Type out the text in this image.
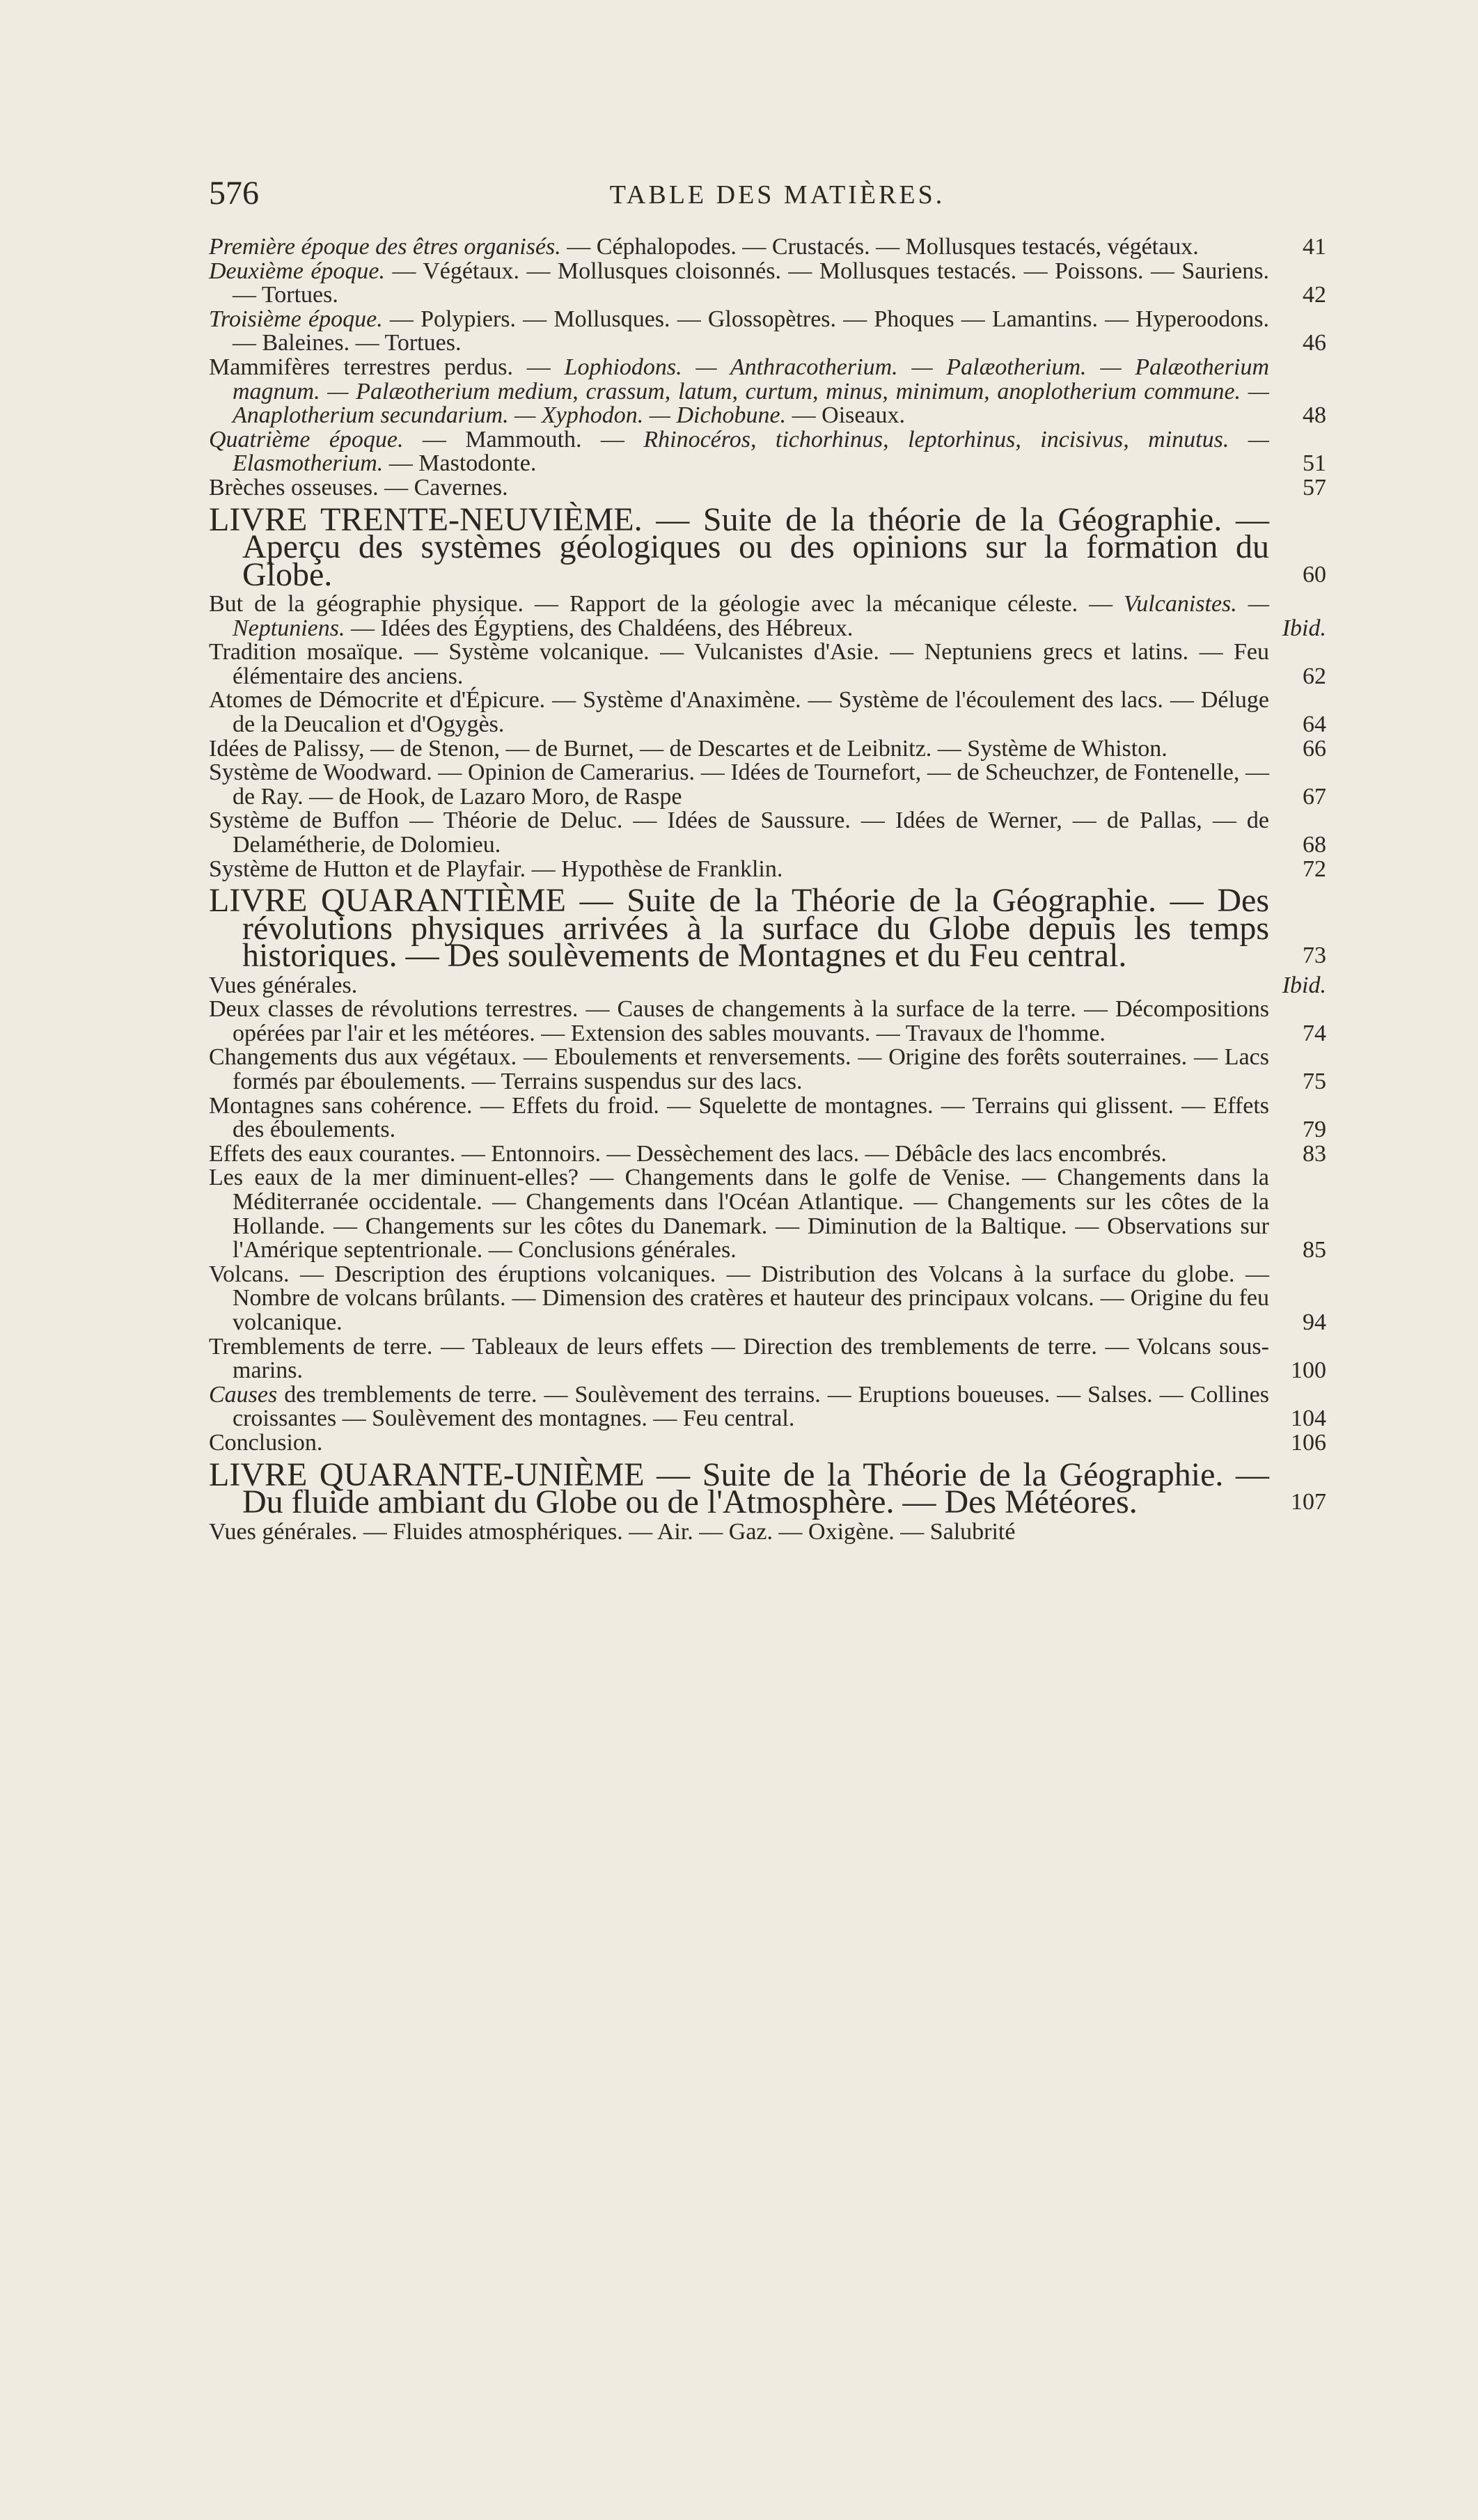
576	TABLE DES MATIÈRES.
Première époque des êtres organisés. — Céphalopodes. — Crustacés. — Mollusques testacés, végétaux.	41
Deuxième époque. — Végétaux. — Mollusques cloisonnés. — Mollusques testacés. — Poissons. — Sauriens. — Tortues.	42
Troisième époque. — Polypiers. — Mollusques. — Glossopètres. — Phoques — Lamantins. — Hyperoodons. — Baleines. — Tortues.	46
Mammifères terrestres perdus. — Lophiodons. — Anthracotherium. — Palæotherium. — Palæotherium magnum. — Palæotherium medium, crassum, latum, curtum, minus, minimum, anoplotherium commune. — Anaplotherium secundarium. — Xyphodon. — Dichobune. — Oiseaux.	48
Quatrième époque. — Mammouth. — Rhinocéros, tichorhinus, leptorhinus, incisivus, minutus. — Elasmotherium. — Mastodonte.	51
Brèches osseuses. — Cavernes.	57
LIVRE TRENTE-NEUVIÈME. — Suite de la théorie de la Géographie. — Aperçu des systèmes géologiques ou des opinions sur la formation du Globe.	60
But de la géographie physique. — Rapport de la géologie avec la mécanique céleste. — Vulcanistes. — Neptuniens. — Idées des Égyptiens, des Chaldéens, des Hébreux.	Ibid.
Tradition mosaïque. — Système volcanique. — Vulcanistes d'Asie. — Neptuniens grecs et latins. — Feu élémentaire des anciens.	62
Atomes de Démocrite et d'Épicure. — Système d'Anaximène. — Système de l'écoulement des lacs. — Déluge de la Deucalion et d'Ogygès.	64
Idées de Palissy, — de Stenon, — de Burnet, — de Descartes et de Leibnitz. — Système de Whiston.	66
Système de Woodward. — Opinion de Camerarius. — Idées de Tournefort, — de Scheuchzer, de Fontenelle, — de Ray. — de Hook, de Lazaro Moro, de Raspe	67
Système de Buffon — Théorie de Deluc. — Idées de Saussure. — Idées de Werner, — de Pallas, — de Delamétherie, de Dolomieu.	68
Système de Hutton et de Playfair. — Hypothèse de Franklin.	72
LIVRE QUARANTIÈME — Suite de la Théorie de la Géographie. — Des révolutions physiques arrivées à la surface du Globe depuis les temps historiques. — Des soulèvements de Montagnes et du Feu central.	73
Vues générales.	Ibid.
Deux classes de révolutions terrestres. — Causes de changements à la surface de la terre. — Décompositions opérées par l'air et les météores. — Extension des sables mouvants. — Travaux de l'homme.	74
Changements dus aux végétaux. — Eboulements et renversements. — Origine des forêts souterraines. — Lacs formés par éboulements. — Terrains suspendus sur des lacs.	75
Montagnes sans cohérence. — Effets du froid. — Squelette de montagnes. — Terrains qui glissent. — Effets des éboulements.	79
Effets des eaux courantes. — Entonnoirs. — Dessèchement des lacs. — Débâcle des lacs encombrés.	83
Les eaux de la mer diminuent-elles? — Changements dans le golfe de Venise. — Changements dans la Méditerranée occidentale. — Changements dans l'Océan Atlantique. — Changements sur les côtes de la Hollande. — Changements sur les côtes du Danemark. — Diminution de la Baltique. — Observations sur l'Amérique septentrionale. — Conclusions générales.	85
Volcans. — Description des éruptions volcaniques. — Distribution des Volcans à la surface du globe. — Nombre de volcans brûlants. — Dimension des cratères et hauteur des principaux volcans. — Origine du feu volcanique.	94
Tremblements de terre. — Tableaux de leurs effets — Direction des tremblements de terre. — Volcans sous-marins.	100
Causes des tremblements de terre. — Soulèvement des terrains. — Eruptions boueuses. — Salses. — Collines croissantes — Soulèvement des montagnes. — Feu central.	104
Conclusion.	106
LIVRE QUARANTE-UNIÈME — Suite de la Théorie de la Géographie. — Du fluide ambiant du Globe ou de l'Atmosphère. — Des Météores.	107
Vues générales. — Fluides atmosphériques. — Air. — Gaz. — Oxigène. — Salubrité
